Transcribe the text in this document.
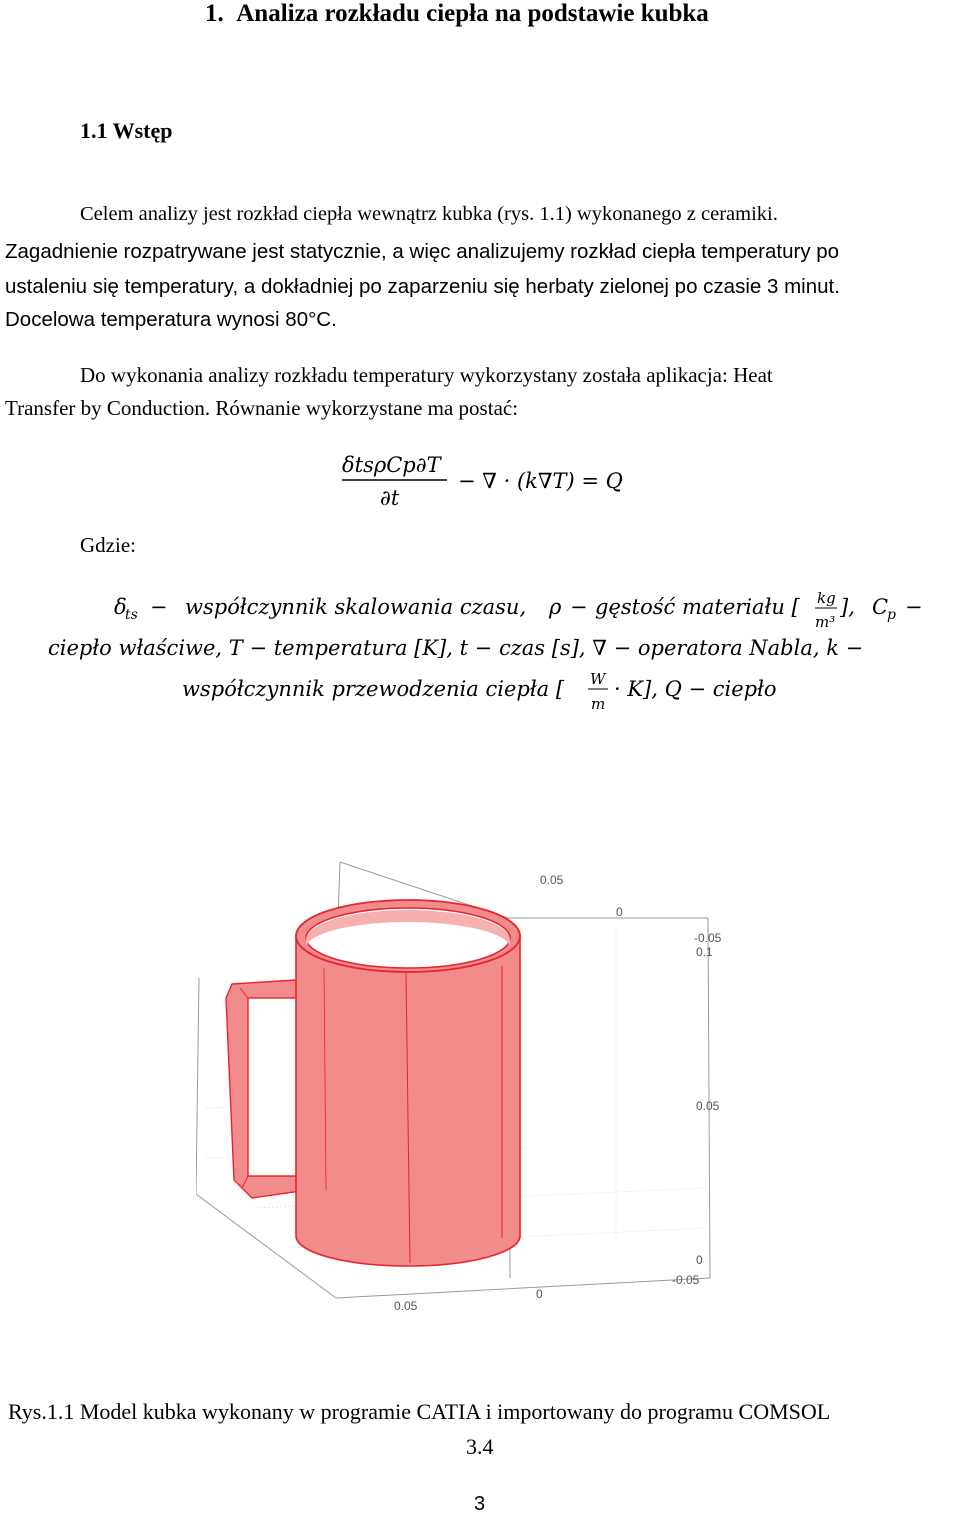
1. Analiza rozkładu ciepła na podstawie kubka
1.1 Wstęp
Celem analizy jest rozkład ciepła wewnątrz kubka (rys. 1.1) wykonanego z ceramiki.
Zagadnienie rozpatrywane jest statycznie, a więc analizujemy rozkład ciepła temperatury po
ustaleniu się temperatury, a dokładniej po zaparzeniu się herbaty zielonej po czasie 3 minut.
Docelowa temperatura wynosi 80°C.
Do wykonania analizy rozkładu temperatury wykorzystany została aplikacja: Heat
Transfer by Conduction. Równanie wykorzystane ma postać:
δtsρCp∂T
∂t
− ∇ · (k∇T) = Q
δ
ts − współczynnik skalowania czasu, ρ − gęstość materiału [ kg
m³
], C
p −
ciepło właściwe, T − temperatura [K], t − czas [s], ∇ − operatora Nabla, k −
współczynnik przewodzenia ciepła [ W
m
· K], Q − ciepło
Gdzie:
0.05
0
-0.05
0.1
0.05
0
-0.05
0.05
0
Rys.1.1 Model kubka wykonany w programie CATIA i importowany do programu COMSOL
3.4
3
